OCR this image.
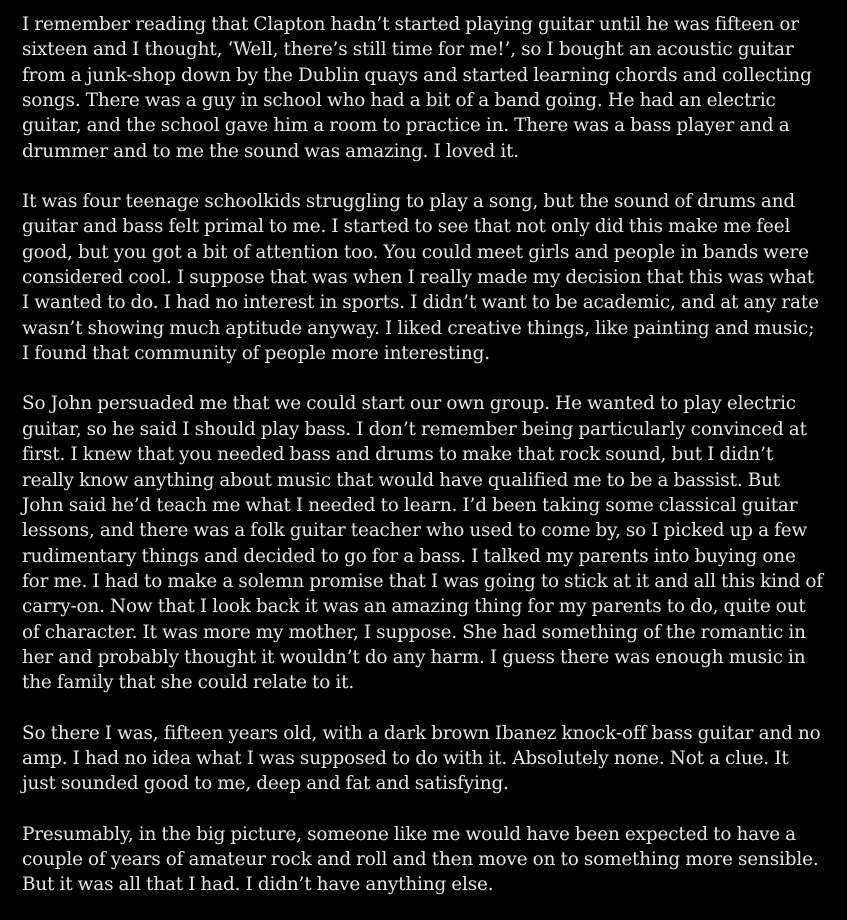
I remember reading that Clapton hadn’t started playing guitar until he was fifteen or sixteen and I thought, ‘Well, there’s still time for me!’, so I bought an acoustic guitar from a junk-shop down by the Dublin quays and started learning chords and collecting songs. There was a guy in school who had a bit of a band going. He had an electric guitar, and the school gave him a room to practice in. There was a bass player and a drummer and to me the sound was amazing. I loved it.

It was four teenage schoolkids struggling to play a song, but the sound of drums and guitar and bass felt primal to me. I started to see that not only did this make me feel good, but you got a bit of attention too. You could meet girls and people in bands were considered cool. I suppose that was when I really made my decision that this was what I wanted to do. I had no interest in sports. I didn’t want to be academic, and at any rate wasn’t showing much aptitude anyway. I liked creative things, like painting and music; I found that community of people more interesting.

So John persuaded me that we could start our own group. He wanted to play electric guitar, so he said I should play bass. I don’t remember being particularly convinced at first. I knew that you needed bass and drums to make that rock sound, but I didn’t really know anything about music that would have qualified me to be a bassist. But John said he’d teach me what I needed to learn. I’d been taking some classical guitar lessons, and there was a folk guitar teacher who used to come by, so I picked up a few rudimentary things and decided to go for a bass. I talked my parents into buying one for me. I had to make a solemn promise that I was going to stick at it and all this kind of carry-on. Now that I look back it was an amazing thing for my parents to do, quite out of character. It was more my mother, I suppose. She had something of the romantic in her and probably thought it wouldn’t do any harm. I guess there was enough music in the family that she could relate to it.

So there I was, fifteen years old, with a dark brown Ibanez knock-off bass guitar and no amp. I had no idea what I was supposed to do with it. Absolutely none. Not a clue. It just sounded good to me, deep and fat and satisfying.

Presumably, in the big picture, someone like me would have been expected to have a couple of years of amateur rock and roll and then move on to something more sensible. But it was all that I had. I didn’t have anything else.
